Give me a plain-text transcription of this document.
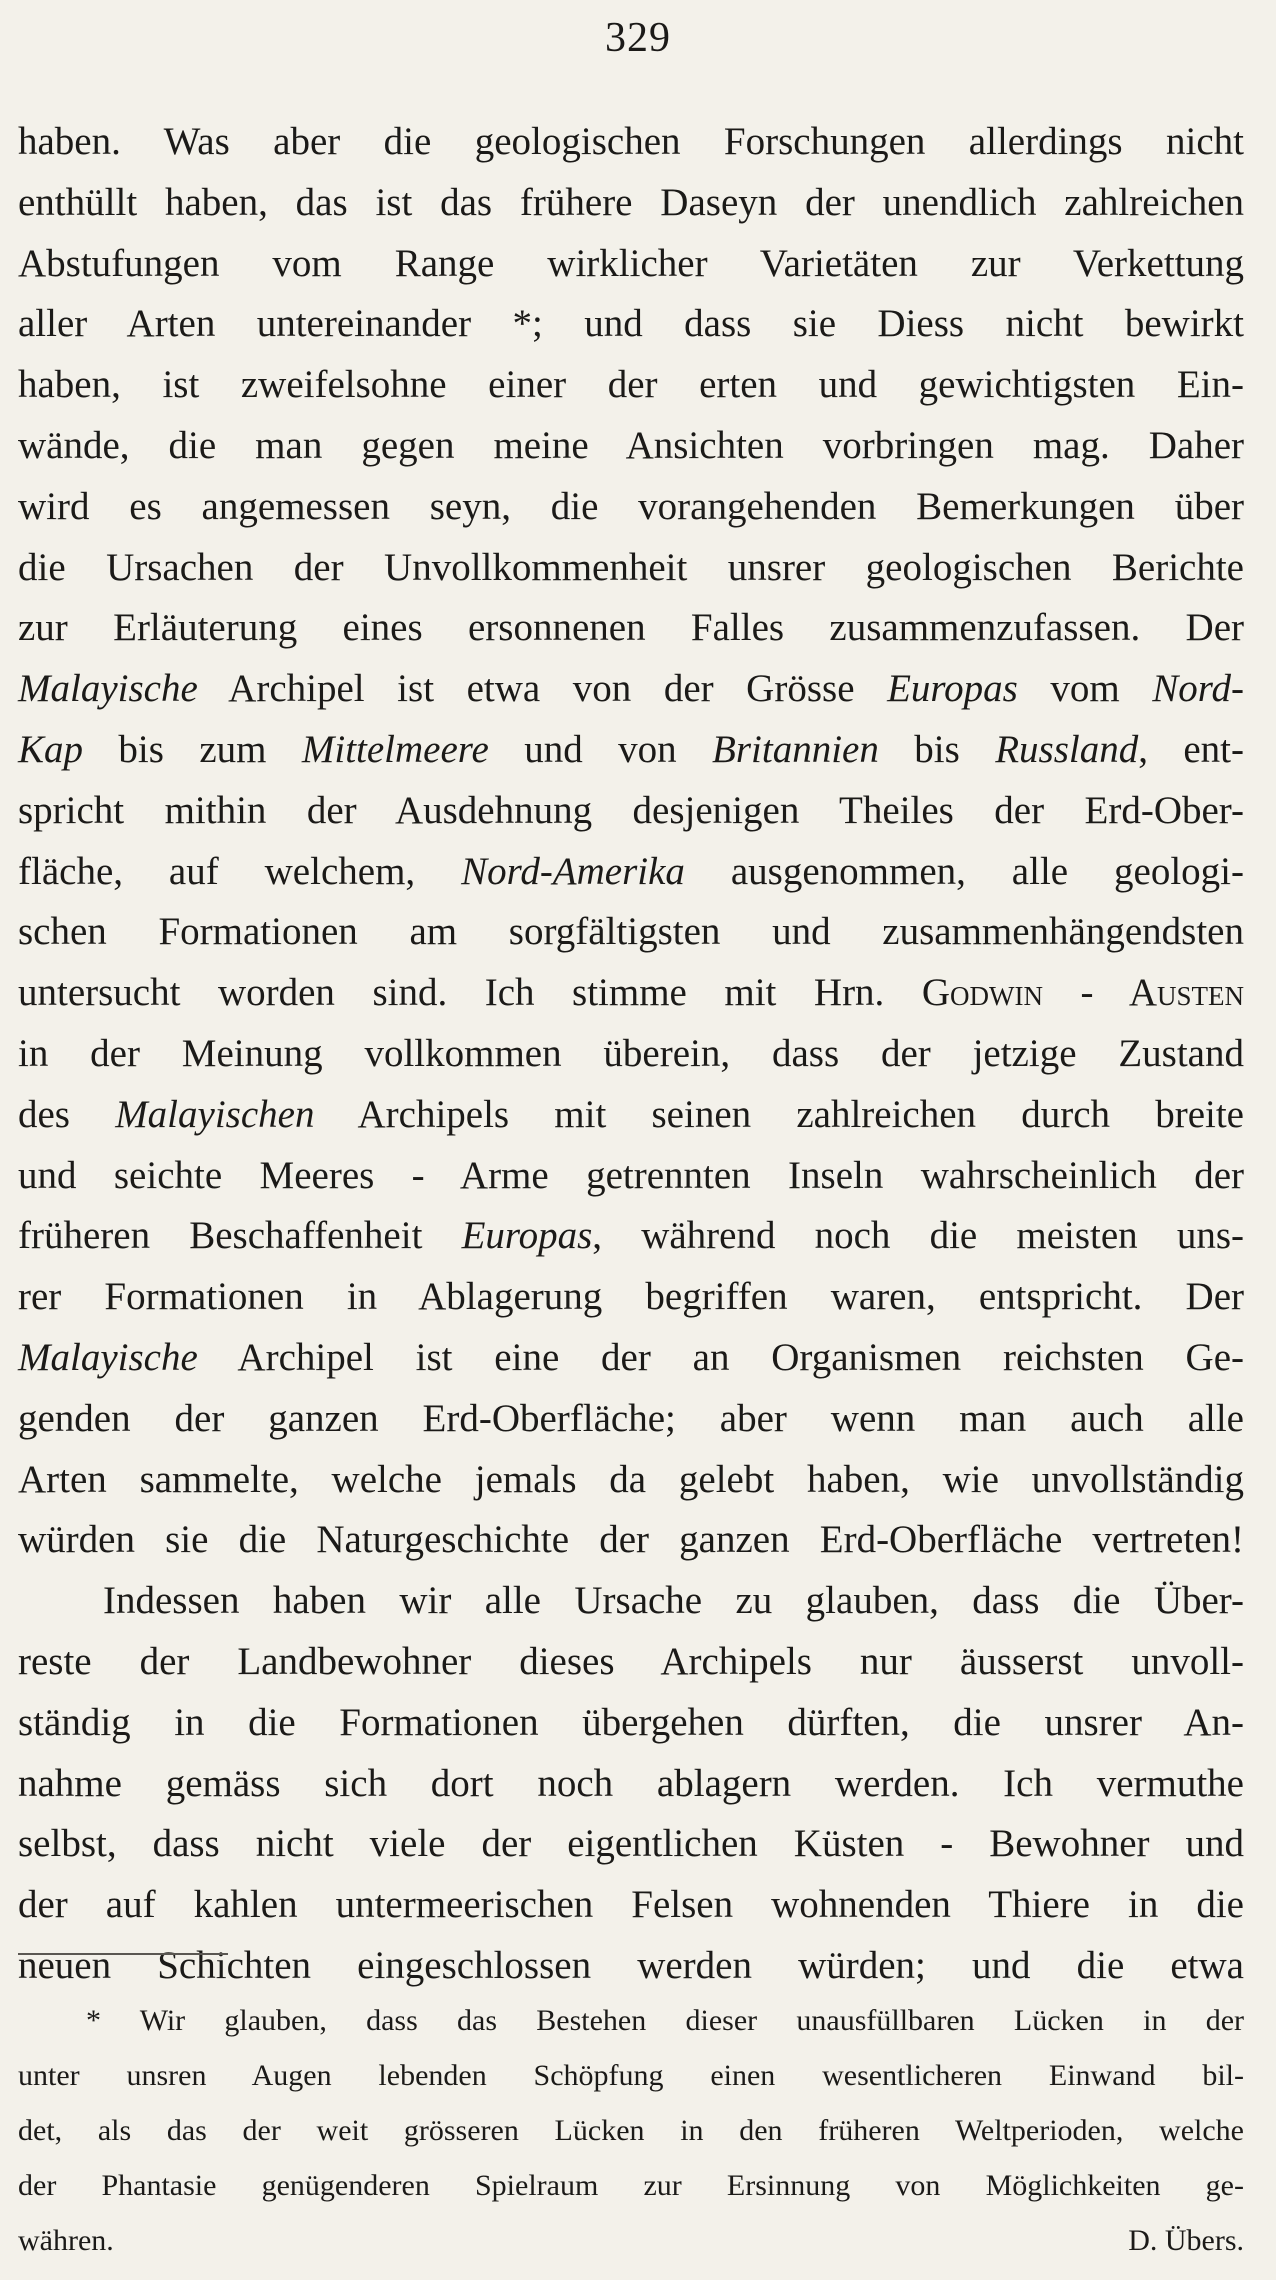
329
haben. Was aber die geologischen Forschungen allerdings nicht
enthüllt haben, das ist das frühere Daseyn der unendlich zahlreichen
Abstufungen vom Range wirklicher Varietäten zur Verkettung
aller Arten untereinander *; und dass sie Diess nicht bewirkt
haben, ist zweifelsohne einer der erten und gewichtigsten Ein-
wände, die man gegen meine Ansichten vorbringen mag. Daher
wird es angemessen seyn, die vorangehenden Bemerkungen über
die Ursachen der Unvollkommenheit unsrer geologischen Berichte
zur Erläuterung eines ersonnenen Falles zusammenzufassen. Der
Malayische Archipel ist etwa von der Grösse Europas vom Nord-
Kap bis zum Mittelmeere und von Britannien bis Russland, ent-
spricht mithin der Ausdehnung desjenigen Theiles der Erd-Ober-
fläche, auf welchem, Nord-Amerika ausgenommen, alle geologi-
schen Formationen am sorgfältigsten und zusammenhängendsten
untersucht worden sind. Ich stimme mit Hrn. Godwin - Austen
in der Meinung vollkommen überein, dass der jetzige Zustand
des Malayischen Archipels mit seinen zahlreichen durch breite
und seichte Meeres - Arme getrennten Inseln wahrscheinlich der
früheren Beschaffenheit Europas, während noch die meisten uns-
rer Formationen in Ablagerung begriffen waren, entspricht. Der
Malayische Archipel ist eine der an Organismen reichsten Ge-
genden der ganzen Erd-Oberfläche; aber wenn man auch alle
Arten sammelte, welche jemals da gelebt haben, wie unvollständig
würden sie die Naturgeschichte der ganzen Erd-Oberfläche vertreten!
Indessen haben wir alle Ursache zu glauben, dass die Über-
reste der Landbewohner dieses Archipels nur äusserst unvoll-
ständig in die Formationen übergehen dürften, die unsrer An-
nahme gemäss sich dort noch ablagern werden. Ich vermuthe
selbst, dass nicht viele der eigentlichen Küsten - Bewohner und
der auf kahlen untermeerischen Felsen wohnenden Thiere in die
neuen Schichten eingeschlossen werden würden; und die etwa
* Wir glauben, dass das Bestehen dieser unausfüllbaren Lücken in der
unter unsren Augen lebenden Schöpfung einen wesentlicheren Einwand bil-
det, als das der weit grösseren Lücken in den früheren Weltperioden, welche
der Phantasie genügenderen Spielraum zur Ersinnung von Möglichkeiten ge-
währen.	D. Übers.
